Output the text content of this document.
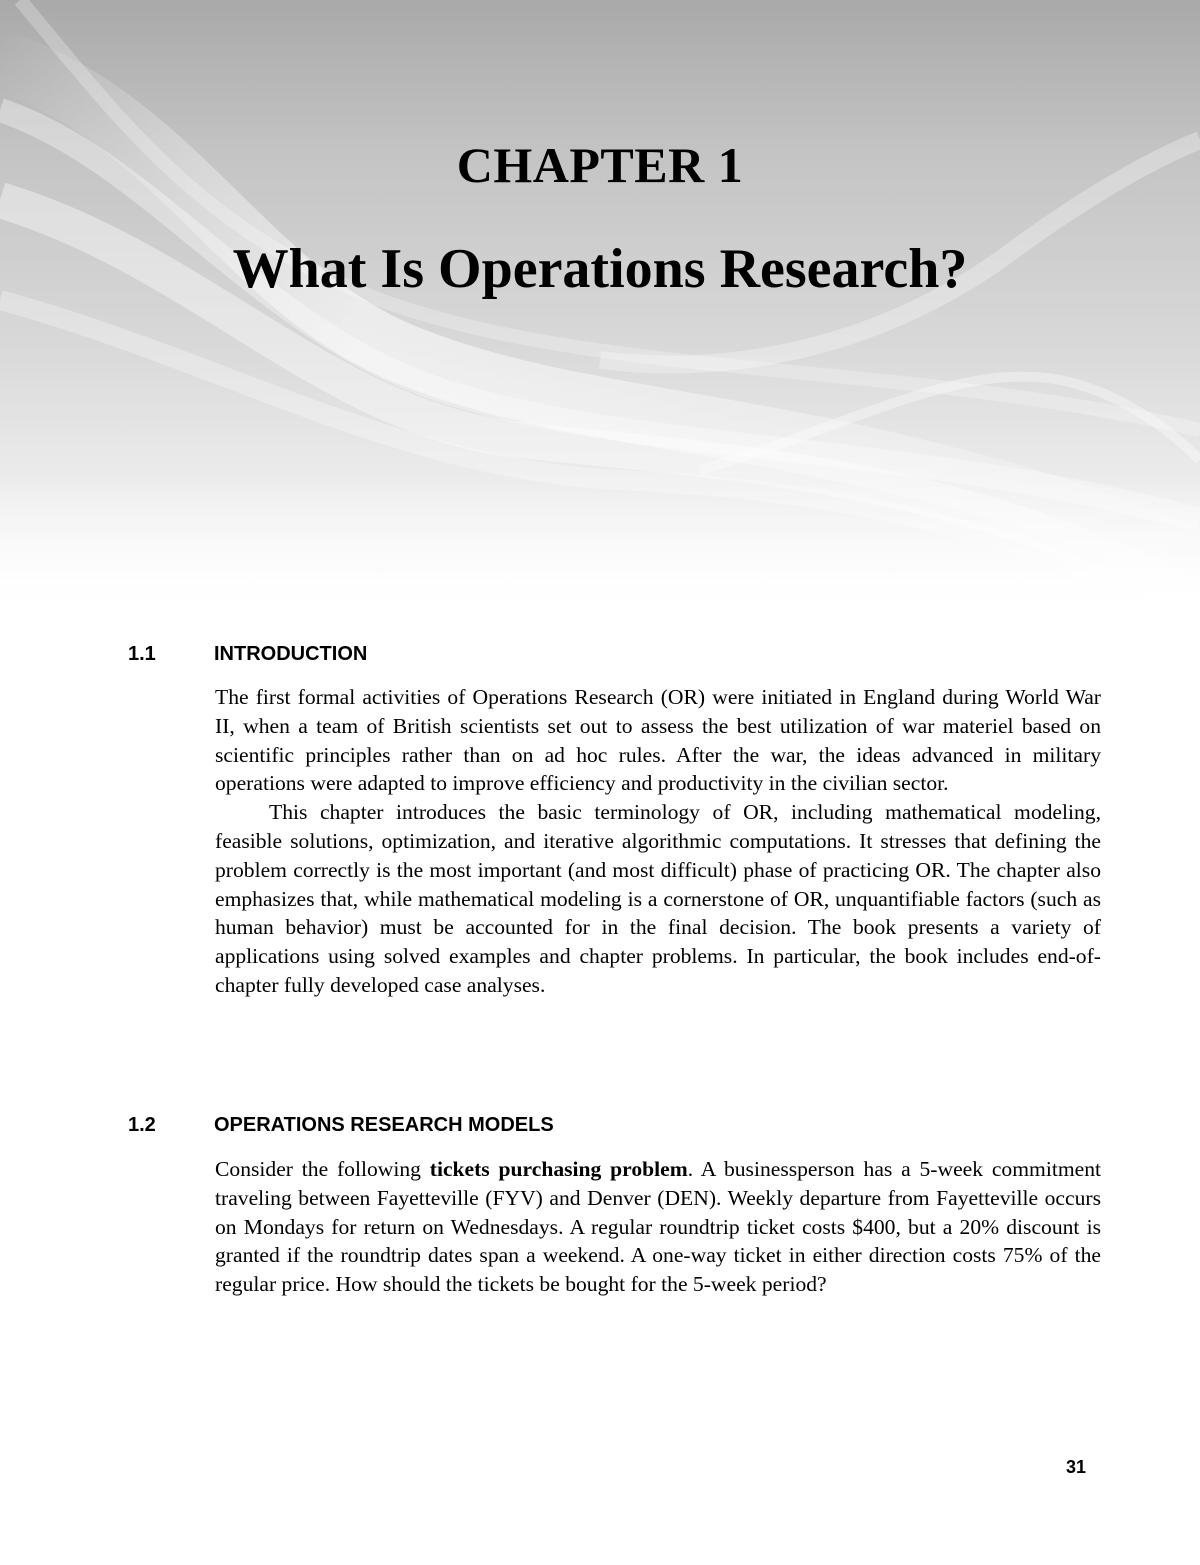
CHAPTER 1
What Is Operations Research?
1.1	INTRODUCTION

The first formal activities of Operations Research (OR) were initiated in England during World War II, when a team of British scientists set out to assess the best utilization of war materiel based on scientific principles rather than on ad hoc rules. After the war, the ideas advanced in military operations were adapted to improve efficiency and productivity in the civilian sector.

This chapter introduces the basic terminology of OR, including mathematical modeling, feasible solutions, optimization, and iterative algorithmic computations. It stresses that defining the problem correctly is the most important (and most difficult) phase of practicing OR. The chapter also emphasizes that, while mathematical modeling is a cornerstone of OR, unquantifiable factors (such as human behavior) must be accounted for in the final decision. The book presents a variety of applications using solved examples and chapter problems. In particular, the book includes end-of-chapter fully developed case analyses.

1.2	OPERATIONS RESEARCH MODELS

Consider the following tickets purchasing problem. A businessperson has a 5-week commitment traveling between Fayetteville (FYV) and Denver (DEN). Weekly departure from Fayetteville occurs on Mondays for return on Wednesdays. A regular roundtrip ticket costs $400, but a 20% discount is granted if the roundtrip dates span a weekend. A one-way ticket in either direction costs 75% of the regular price. How should the tickets be bought for the 5-week period?

31
